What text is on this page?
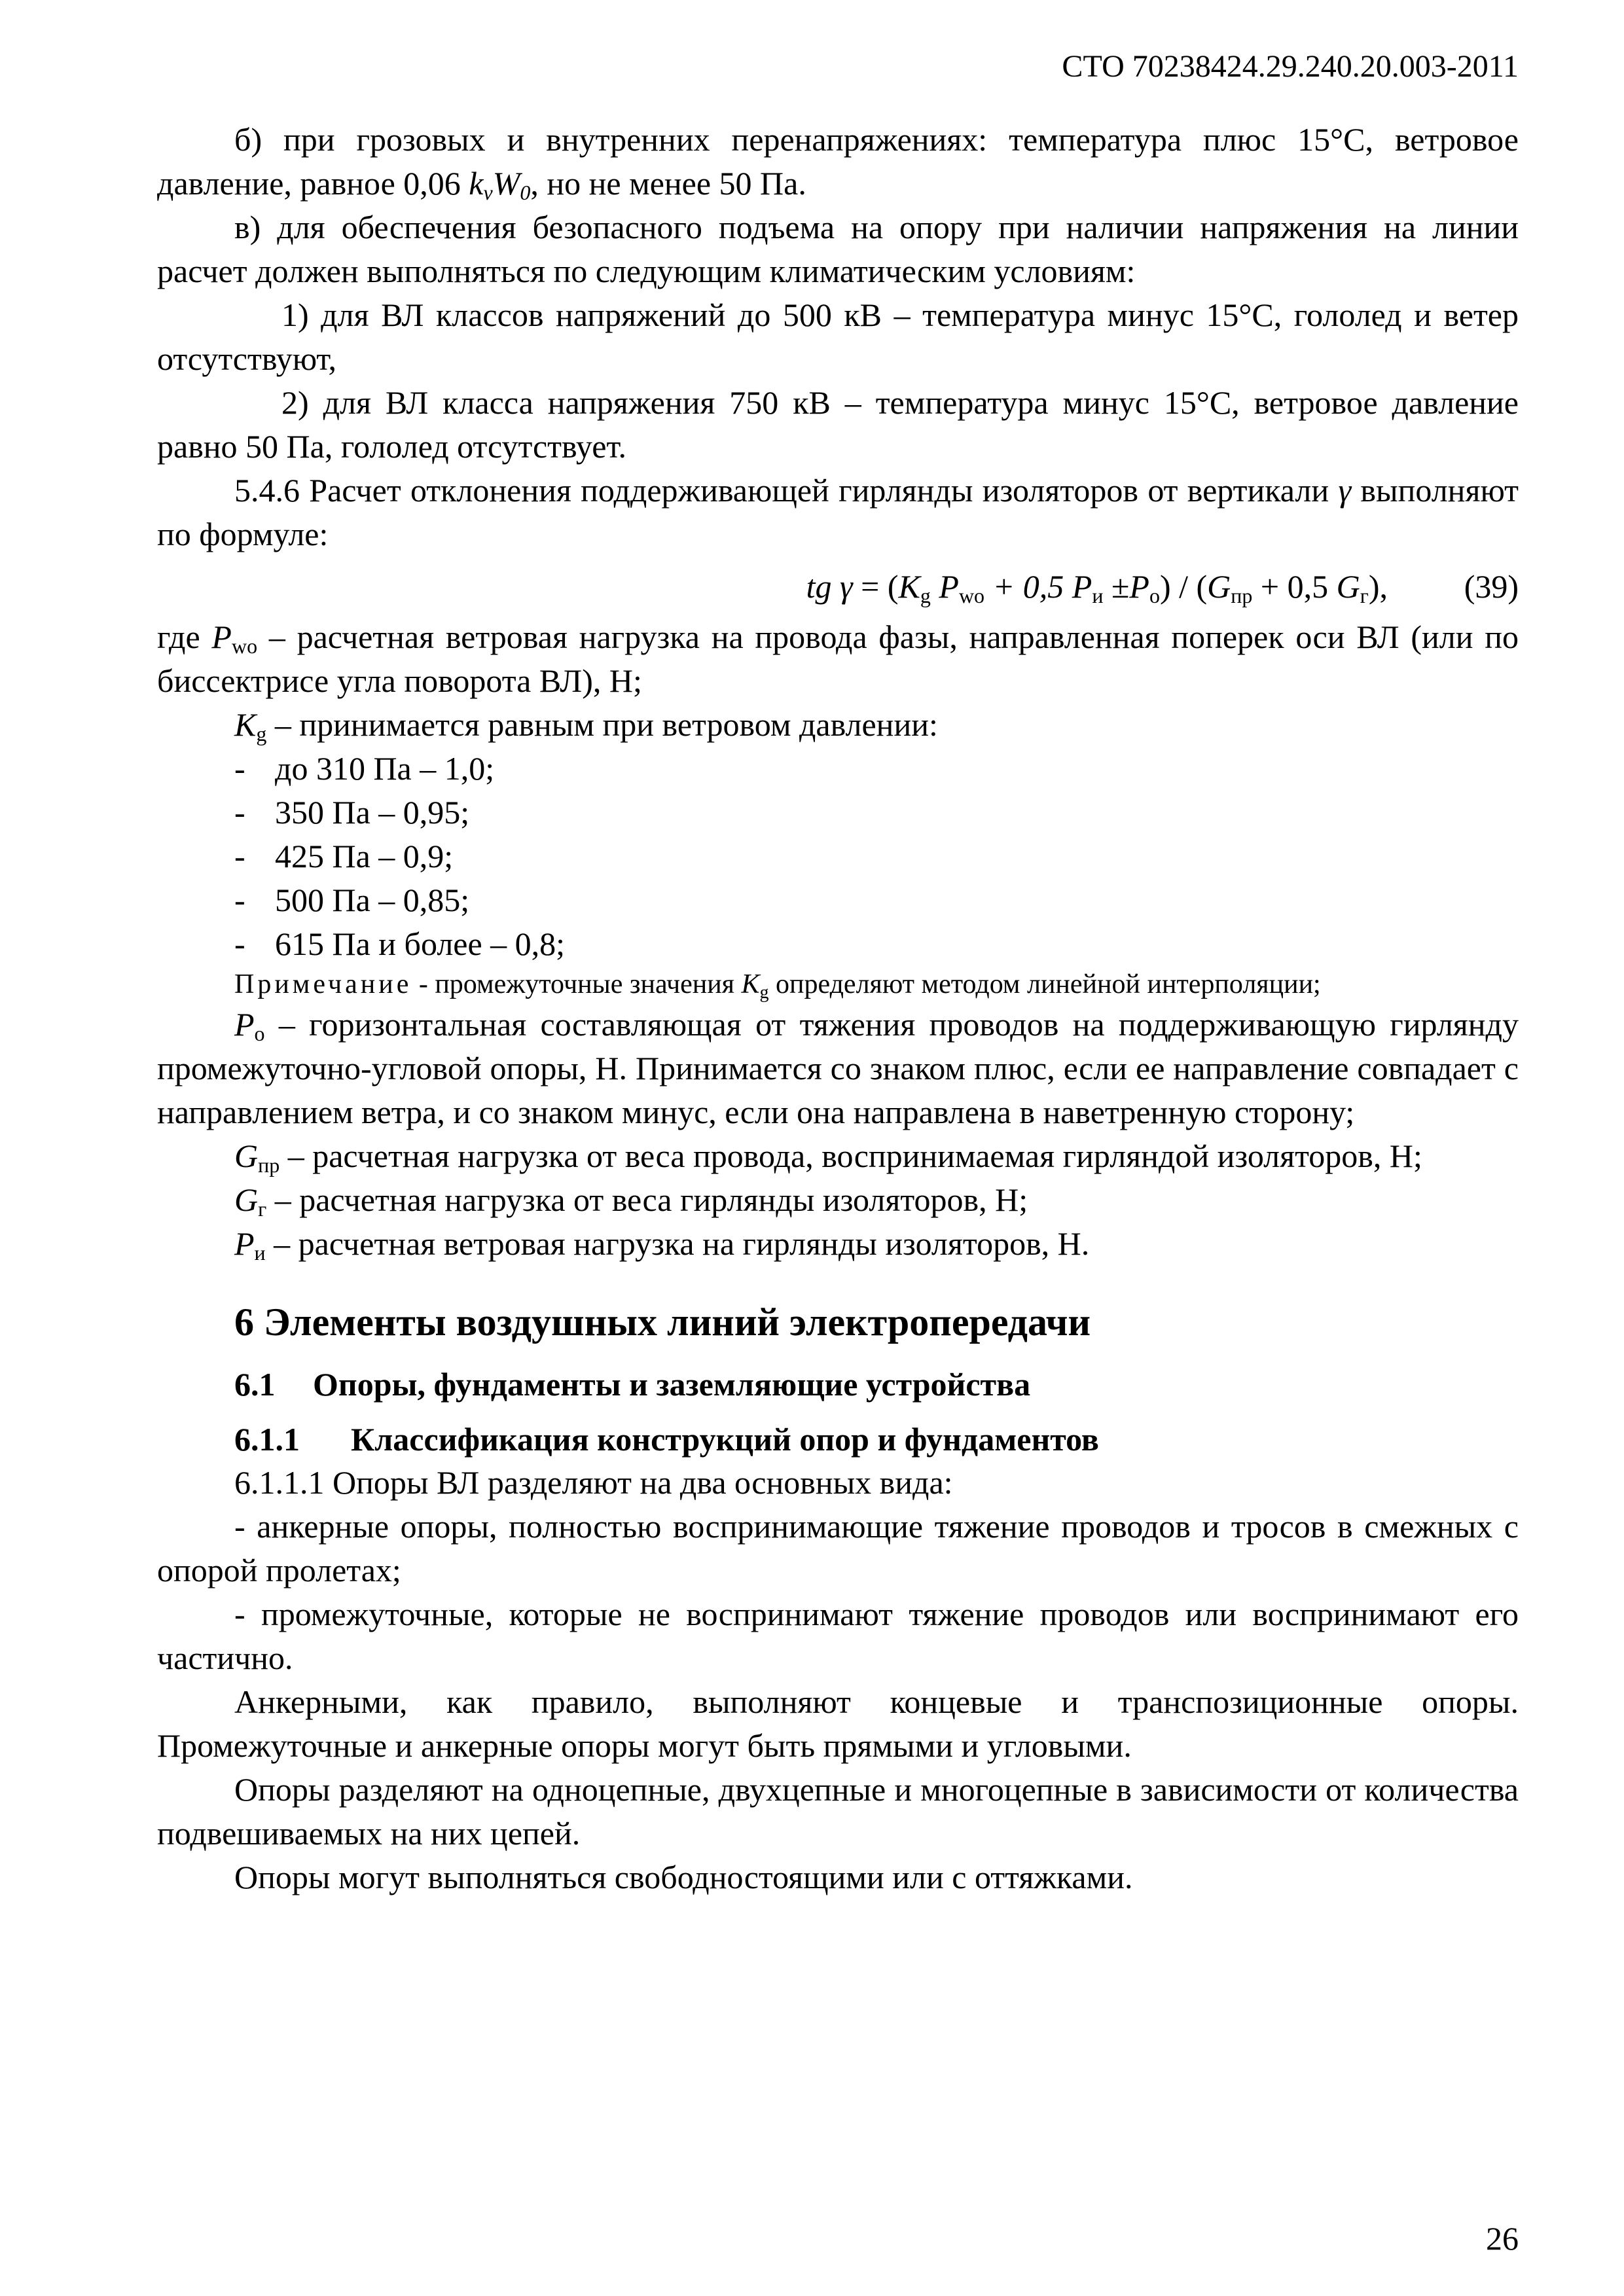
СТО 70238424.29.240.20.003-2011

б) при грозовых и внутренних перенапряжениях: температура плюс 15°С, ветровое давление, равное 0,06 $k_vW_0$, но не менее 50 Па.

в) для обеспечения безопасного подъема на опору при наличии напряжения на линии расчет должен выполняться по следующим климатическим условиям:

1) для ВЛ классов напряжений до 500 кВ – температура минус 15°С, гололед и ветер отсутствуют,

2) для ВЛ класса напряжения 750 кВ – температура минус 15°С, ветровое давление равно 50 Па, гололед отсутствует.

5.4.6 Расчет отклонения поддерживающей гирлянды изоляторов от вертикали γ выполняют по формуле:

tg $\gamma = (K_g$ $P_{wo} + 0,5$ $P_и \pm P_o) / (G_{пр} + 0,5$ $G_г$), (39)

где $P_{wo}$ – расчетная ветровая нагрузка на провода фазы, направленная поперек оси ВЛ (или по биссектрисе угла поворота ВЛ), Н;

$K_g$ – принимается равным при ветровом давлении:

- до 310 Па – 1,0;
- 350 Па – 0,95;
- 425 Па – 0,9;
- 500 Па – 0,85;
- 615 Па и более – 0,8;
Примечание - промежуточные значения $K_g$ определяют методом линейной интерполяции;

$P_о$ – горизонтальная составляющая от тяжения проводов на поддерживающую гирлянду промежуточно-угловой опоры, Н. Принимается со знаком плюс, если ее направление совпадает с направлением ветра, и со знаком минус, если она направлена в наветренную сторону;

$G_{пр}$ – расчетная нагрузка от веса провода, воспринимаемая гирляндой изоляторов, Н;

$G_г$ – расчетная нагрузка от веса гирлянды изоляторов, Н;

$P_и$ – расчетная ветровая нагрузка на гирлянды изоляторов, Н.

6 Элементы воздушных линий электропередачи
6.1 Опоры, фундаменты и заземляющие устройства
6.1.1 Классификация конструкций опор и фундаментов

6.1.1.1 Опоры ВЛ разделяют на два основных вида:

- анкерные опоры, полностью воспринимающие тяжение проводов и тросов в смежных с опорой пролетах;

- промежуточные, которые не воспринимают тяжение проводов или воспринимают его частично.

Анкерными, как правило, выполняют концевые и транспозиционные опоры. Промежуточные и анкерные опоры могут быть прямыми и угловыми.

Опоры разделяют на одноцепные, двухцепные и многоцепные в зависимости от количества подвешиваемых на них цепей.

Опоры могут выполняться свободностоящими или с оттяжками.

26
